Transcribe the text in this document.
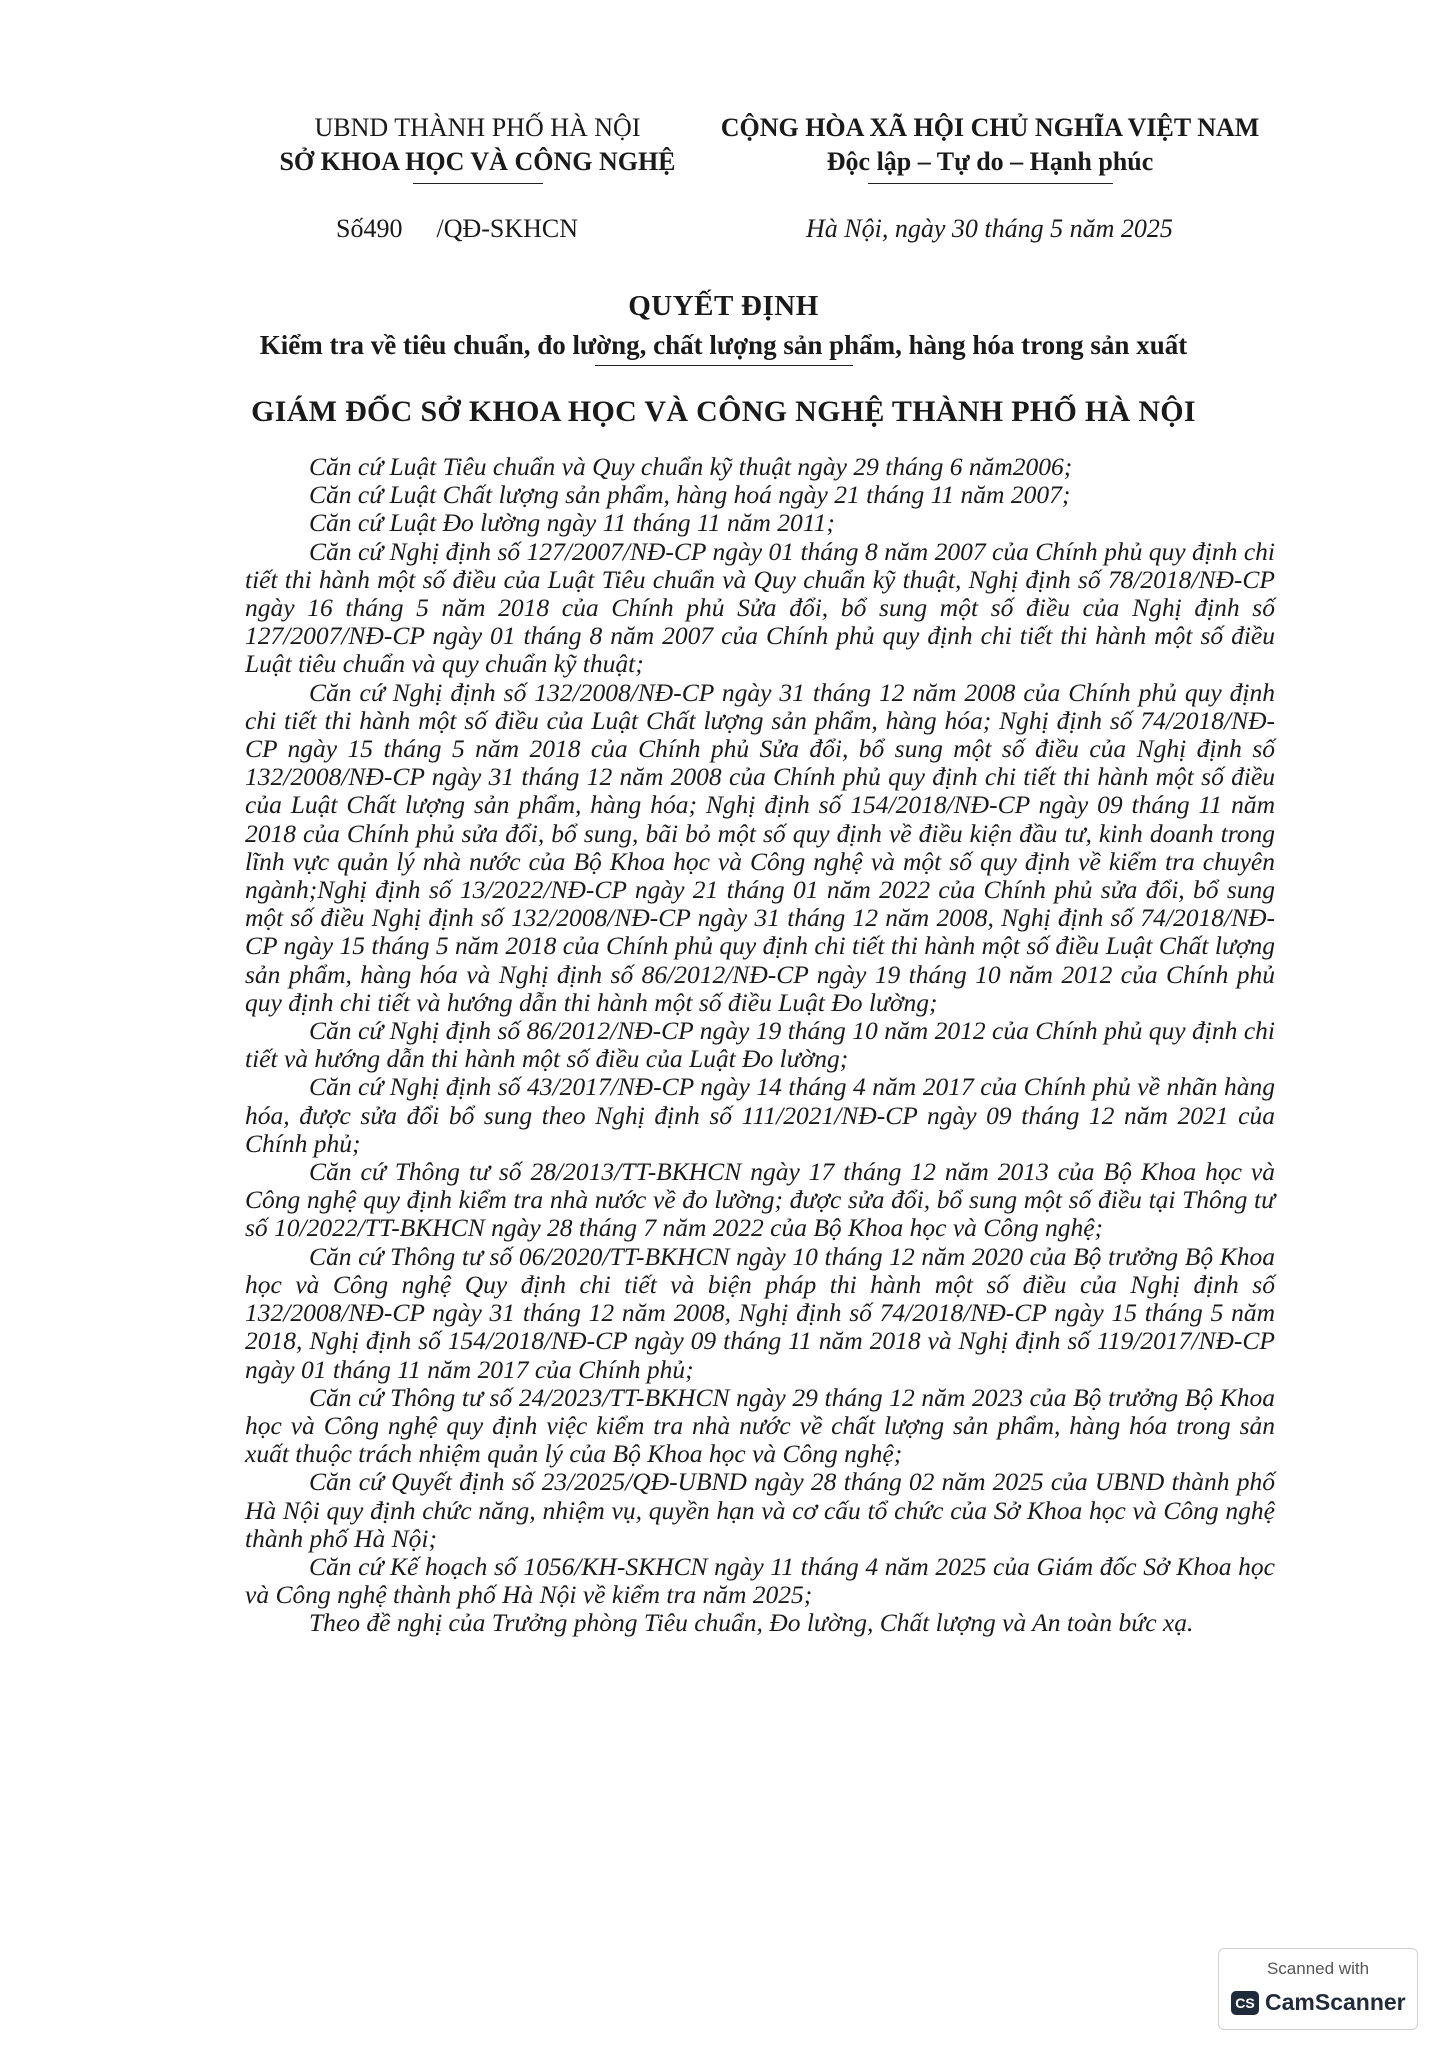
UBND THÀNH PHỐ HÀ NỘI
SỞ KHOA HỌC VÀ CÔNG NGHỆ
CỘNG HÒA XÃ HỘI CHỦ NGHĨA VIỆT NAM
Độc lập – Tự do – Hạnh phúc
Số490 /QĐ-SKHCN	Hà Nội, ngày 30 tháng 5 năm 2025
QUYẾT ĐỊNH
Kiểm tra về tiêu chuẩn, đo lường, chất lượng sản phẩm, hàng hóa trong sản xuất
GIÁM ĐỐC SỞ KHOA HỌC VÀ CÔNG NGHỆ THÀNH PHỐ HÀ NỘI

Căn cứ Luật Tiêu chuẩn và Quy chuẩn kỹ thuật ngày 29 tháng 6 năm2006;

Căn cứ Luật Chất lượng sản phẩm, hàng hoá ngày 21 tháng 11 năm 2007;

Căn cứ Luật Đo lường ngày 11 tháng 11 năm 2011;

Căn cứ Nghị định số 127/2007/NĐ-CP ngày 01 tháng 8 năm 2007 của Chính phủ quy định chi tiết thi hành một số điều của Luật Tiêu chuẩn và Quy chuẩn kỹ thuật, Nghị định số 78/2018/NĐ-CP ngày 16 tháng 5 năm 2018 của Chính phủ Sửa đổi, bổ sung một số điều của Nghị định số 127/2007/NĐ-CP ngày 01 tháng 8 năm 2007 của Chính phủ quy định chi tiết thi hành một số điều Luật tiêu chuẩn và quy chuẩn kỹ thuật;

Căn cứ Nghị định số 132/2008/NĐ-CP ngày 31 tháng 12 năm 2008 của Chính phủ quy định chi tiết thi hành một số điều của Luật Chất lượng sản phẩm, hàng hóa; Nghị định số 74/2018/NĐ-CP ngày 15 tháng 5 năm 2018 của Chính phủ Sửa đổi, bổ sung một số điều của Nghị định số 132/2008/NĐ-CP ngày 31 tháng 12 năm 2008 của Chính phủ quy định chi tiết thi hành một số điều của Luật Chất lượng sản phẩm, hàng hóa; Nghị định số 154/2018/NĐ-CP ngày 09 tháng 11 năm 2018 của Chính phủ sửa đổi, bổ sung, bãi bỏ một số quy định về điều kiện đầu tư, kinh doanh trong lĩnh vực quản lý nhà nước của Bộ Khoa học và Công nghệ và một số quy định về kiểm tra chuyên ngành;Nghị định số 13/2022/NĐ-CP ngày 21 tháng 01 năm 2022 của Chính phủ sửa đổi, bổ sung một số điều Nghị định số 132/2008/NĐ-CP ngày 31 tháng 12 năm 2008, Nghị định số 74/2018/NĐ-CP ngày 15 tháng 5 năm 2018 của Chính phủ quy định chi tiết thi hành một số điều Luật Chất lượng sản phẩm, hàng hóa và Nghị định số 86/2012/NĐ-CP ngày 19 tháng 10 năm 2012 của Chính phủ quy định chi tiết và hướng dẫn thi hành một số điều Luật Đo lường;

Căn cứ Nghị định số 86/2012/NĐ-CP ngày 19 tháng 10 năm 2012 của Chính phủ quy định chi tiết và hướng dẫn thi hành một số điều của Luật Đo lường;

Căn cứ Nghị định số 43/2017/NĐ-CP ngày 14 tháng 4 năm 2017 của Chính phủ về nhãn hàng hóa, được sửa đổi bổ sung theo Nghị định số 111/2021/NĐ-CP ngày 09 tháng 12 năm 2021 của Chính phủ;

Căn cứ Thông tư số 28/2013/TT-BKHCN ngày 17 tháng 12 năm 2013 của Bộ Khoa học và Công nghệ quy định kiểm tra nhà nước về đo lường; được sửa đổi, bổ sung một số điều tại Thông tư số 10/2022/TT-BKHCN ngày 28 tháng 7 năm 2022 của Bộ Khoa học và Công nghệ;

Căn cứ Thông tư số 06/2020/TT-BKHCN ngày 10 tháng 12 năm 2020 của Bộ trưởng Bộ Khoa học và Công nghệ Quy định chi tiết và biện pháp thi hành một số điều của Nghị định số 132/2008/NĐ-CP ngày 31 tháng 12 năm 2008, Nghị định số 74/2018/NĐ-CP ngày 15 tháng 5 năm 2018, Nghị định số 154/2018/NĐ-CP ngày 09 tháng 11 năm 2018 và Nghị định số 119/2017/NĐ-CP ngày 01 tháng 11 năm 2017 của Chính phủ;

Căn cứ Thông tư số 24/2023/TT-BKHCN ngày 29 tháng 12 năm 2023 của Bộ trưởng Bộ Khoa học và Công nghệ quy định việc kiểm tra nhà nước về chất lượng sản phẩm, hàng hóa trong sản xuất thuộc trách nhiệm quản lý của Bộ Khoa học và Công nghệ;

Căn cứ Quyết định số 23/2025/QĐ-UBND ngày 28 tháng 02 năm 2025 của UBND thành phố Hà Nội quy định chức năng, nhiệm vụ, quyền hạn và cơ cấu tổ chức của Sở Khoa học và Công nghệ thành phố Hà Nội;

Căn cứ Kế hoạch số 1056/KH-SKHCN ngày 11 tháng 4 năm 2025 của Giám đốc Sở Khoa học và Công nghệ thành phố Hà Nội về kiểm tra năm 2025;

Theo đề nghị của Trưởng phòng Tiêu chuẩn, Đo lường, Chất lượng và An toàn bức xạ.

Scanned with
CS CamScanner
